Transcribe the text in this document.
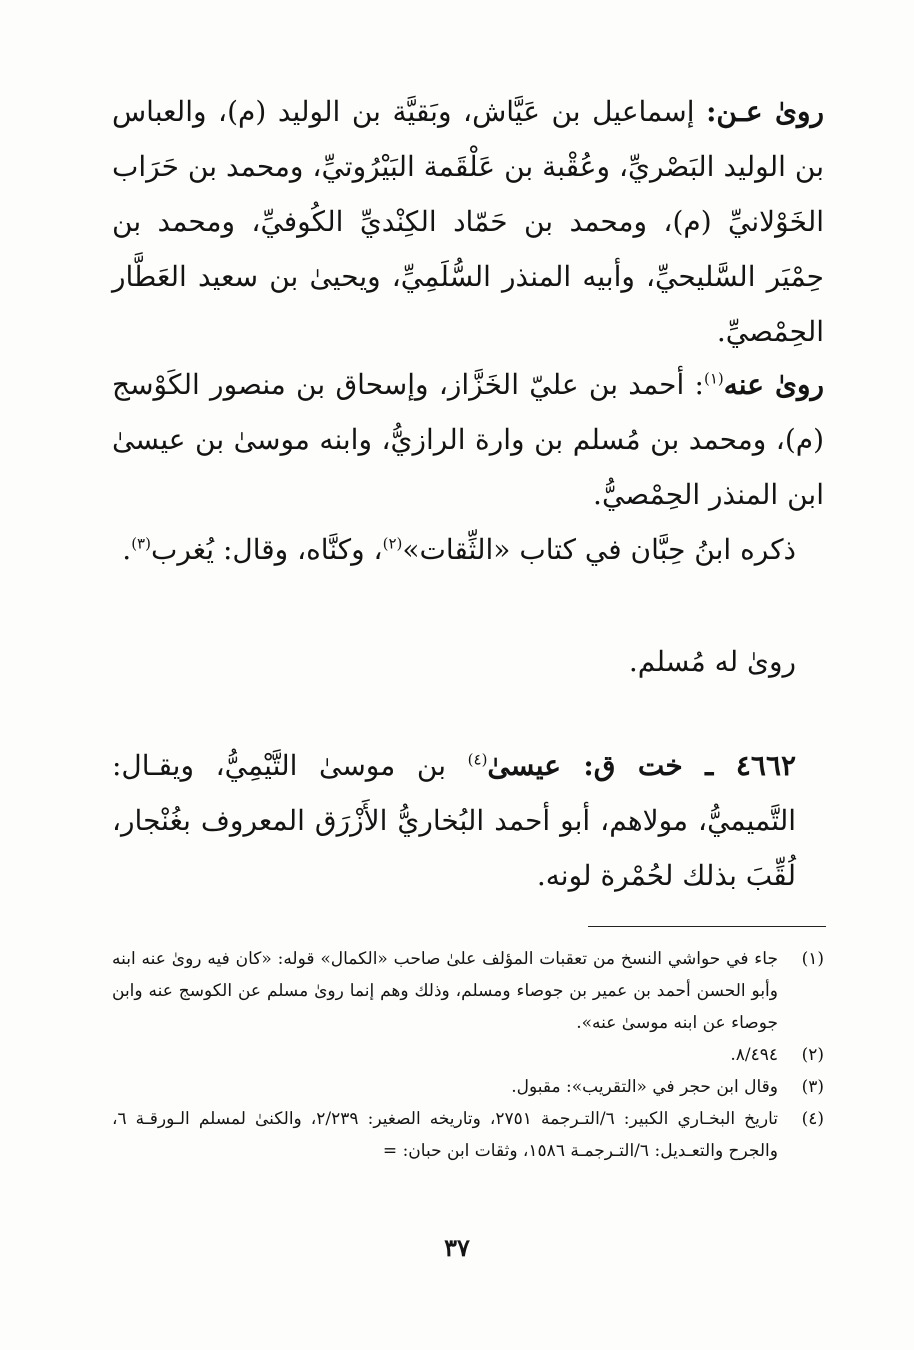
رویٰ عـن: إسماعيل بن عَيَّاش، وبَقيَّة بن الوليد (م)، والعباس بن الوليد البَصْريِّ، وعُقْبة بن عَلْقَمة البَيْرُوتيِّ، ومحمد بن حَرَاب الخَوْلانيِّ (م)، ومحمد بن حَمّاد الكِنْديِّ الكُوفيِّ، ومحمد بن حِمْيَر السَّليحيِّ، وأبيه المنذر السُّلَمِيِّ، ويحيىٰ بن سعيد العَطَّار الحِمْصيِّ.

روىٰ عنه$^{(١)}$: أحمد بن عليّ الخَزَّاز، وإسحاق بن منصور الكَوْسج (م)، ومحمد بن مُسلم بن وارة الرازيُّ، وابنه موسىٰ بن عيسىٰ ابن المنذر الحِمْصيُّ.

ذكره ابنُ حِبَّان في كتاب «الثِّقات»$^{(٢)}$، وكنَّاه، وقال: يُغرب$^{(٣)}$.

روىٰ له مُسلم.

٤٦٦٢ ـ خت ق: عيسىٰ$^{(٤)}$ بن موسىٰ التَّيْمِيُّ، ويقـال: التَّميميُّ، مولاهم، أبو أحمد البُخاريُّ الأَزْرَق المعروف بغُنْجار، لُقِّبَ بذلك لحُمْرة لونه.

(١)
جاء في حواشي النسخ من تعقبات المؤلف علىٰ صاحب «الكمال» قوله: «كان فيه روىٰ عنه ابنه وأبو الحسن أحمد بن عمير بن جوصاء ومسلم، وذلك وهم إنما روىٰ مسلم عن الكوسج عنه وابن جوصاء عن ابنه موسىٰ عنه».
(٢)
٨/٤٩٤.
(٣)
وقال ابن حجر في «التقريب»: مقبول.
(٤)
تاريخ البخـاري الكبير: ٦/التـرجمة ٢٧٥١، وتاريخه الصغير: ٢/٢٣٩، والكنىٰ لمسلم الـورقـة ٦، والجرح والتعـديل: ٦/التـرجمـة ١٥٨٦، وثقات ابن حبان: =
٣٧
